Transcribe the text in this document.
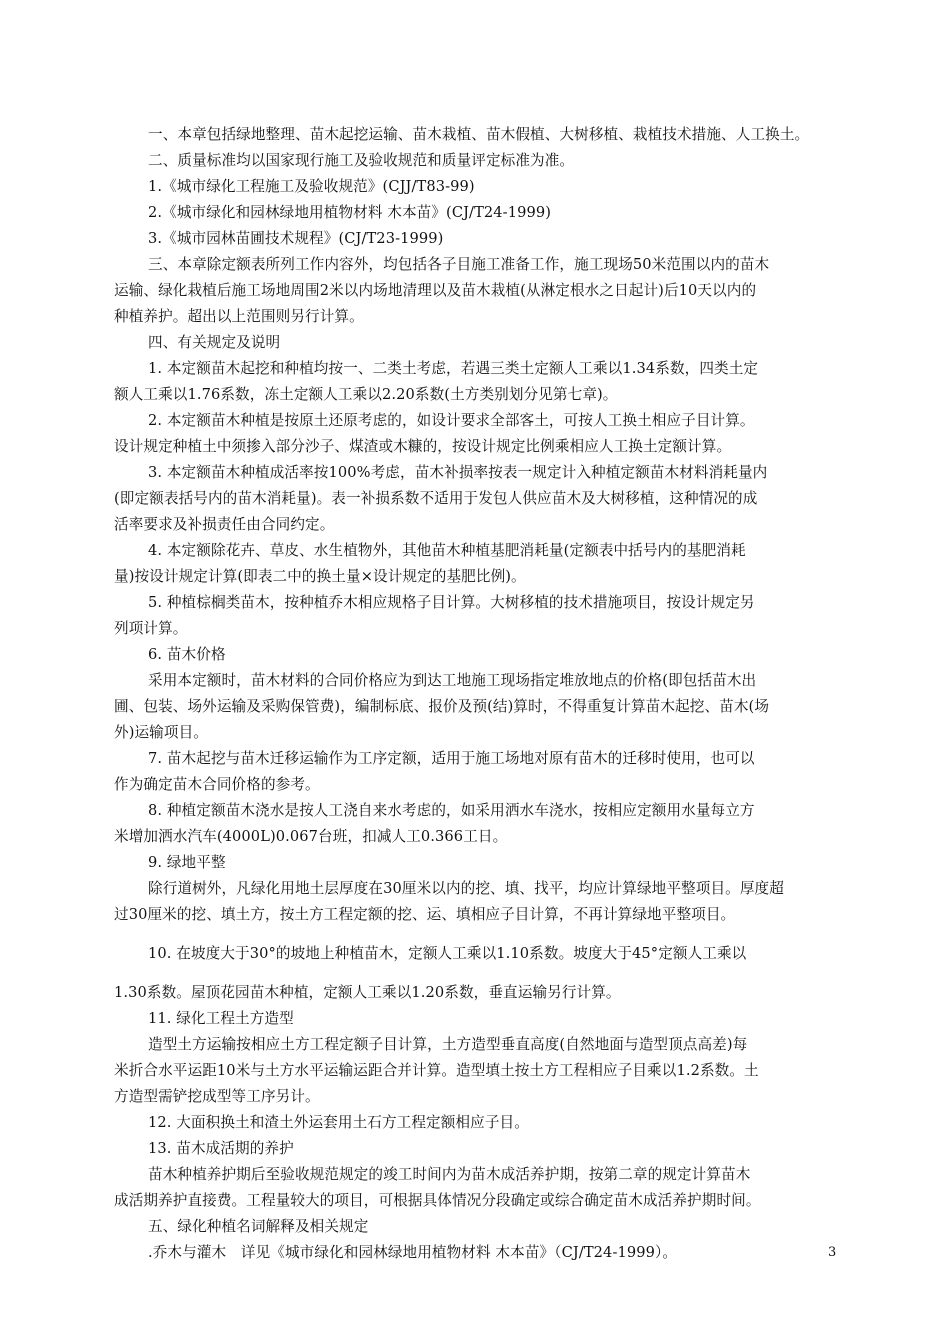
一、本章包括绿地整理、苗木起挖运输、苗木栽植、苗木假植、大树移植、栽植技术措施、人工换土。
二、质量标准均以国家现行施工及验收规范和质量评定标准为准。
1.《城市绿化工程施工及验收规范》(CJJ/T83-99)
2.《城市绿化和园林绿地用植物材料 木本苗》(CJ/T24-1999)
3.《城市园林苗圃技术规程》(CJ/T23-1999)
三、本章除定额表所列工作内容外，均包括各子目施工准备工作，施工现场50米范围以内的苗木
运输、绿化栽植后施工场地周围2米以内场地清理以及苗木栽植(从淋定根水之日起计)后10天以内的
种植养护。超出以上范围则另行计算。
四、有关规定及说明
1. 本定额苗木起挖和种植均按一、二类土考虑，若遇三类土定额人工乘以1.34系数，四类土定
额人工乘以1.76系数，冻土定额人工乘以2.20系数(土方类别划分见第七章)。
2. 本定额苗木种植是按原土还原考虑的，如设计要求全部客土，可按人工换土相应子目计算。
设计规定种植土中须掺入部分沙子、煤渣或木糠的，按设计规定比例乘相应人工换土定额计算。
3. 本定额苗木种植成活率按100%考虑，苗木补损率按表一规定计入种植定额苗木材料消耗量内
(即定额表括号内的苗木消耗量)。表一补损系数不适用于发包人供应苗木及大树移植，这种情况的成
活率要求及补损责任由合同约定。
4. 本定额除花卉、草皮、水生植物外，其他苗木种植基肥消耗量(定额表中括号内的基肥消耗
量)按设计规定计算(即表二中的换土量×设计规定的基肥比例)。
5. 种植棕榈类苗木，按种植乔木相应规格子目计算。大树移植的技术措施项目，按设计规定另
列项计算。
6. 苗木价格
采用本定额时，苗木材料的合同价格应为到达工地施工现场指定堆放地点的价格(即包括苗木出
圃、包装、场外运输及采购保管费)，编制标底、报价及预(结)算时，不得重复计算苗木起挖、苗木(场
外)运输项目。
7. 苗木起挖与苗木迁移运输作为工序定额，适用于施工场地对原有苗木的迁移时使用，也可以
作为确定苗木合同价格的参考。
8. 种植定额苗木浇水是按人工浇自来水考虑的，如采用洒水车浇水，按相应定额用水量每立方
米增加洒水汽车(4000L)0.067台班，扣减人工0.366工日。
9. 绿地平整
除行道树外，凡绿化用地土层厚度在30厘米以内的挖、填、找平，均应计算绿地平整项目。厚度超
过30厘米的挖、填土方，按土方工程定额的挖、运、填相应子目计算，不再计算绿地平整项目。
10. 在坡度大于30°的坡地上种植苗木，定额人工乘以1.10系数。坡度大于45°定额人工乘以
1.30系数。屋顶花园苗木种植，定额人工乘以1.20系数，垂直运输另行计算。
11. 绿化工程土方造型
造型土方运输按相应土方工程定额子目计算，土方造型垂直高度(自然地面与造型顶点高差)每
米折合水平运距10米与土方水平运输运距合并计算。造型填土按土方工程相应子目乘以1.2系数。土
方造型需铲挖成型等工序另计。
12. 大面积换土和渣土外运套用土石方工程定额相应子目。
13. 苗木成活期的养护
苗木种植养护期后至验收规范规定的竣工时间内为苗木成活养护期，按第二章的规定计算苗木
成活期养护直接费。工程量较大的项目，可根据具体情况分段确定或综合确定苗木成活养护期时间。
五、绿化种植名词解释及相关规定
.乔木与灌木　详见《城市绿化和园林绿地用植物材料 木本苗》（CJ/T24-1999）。	3
